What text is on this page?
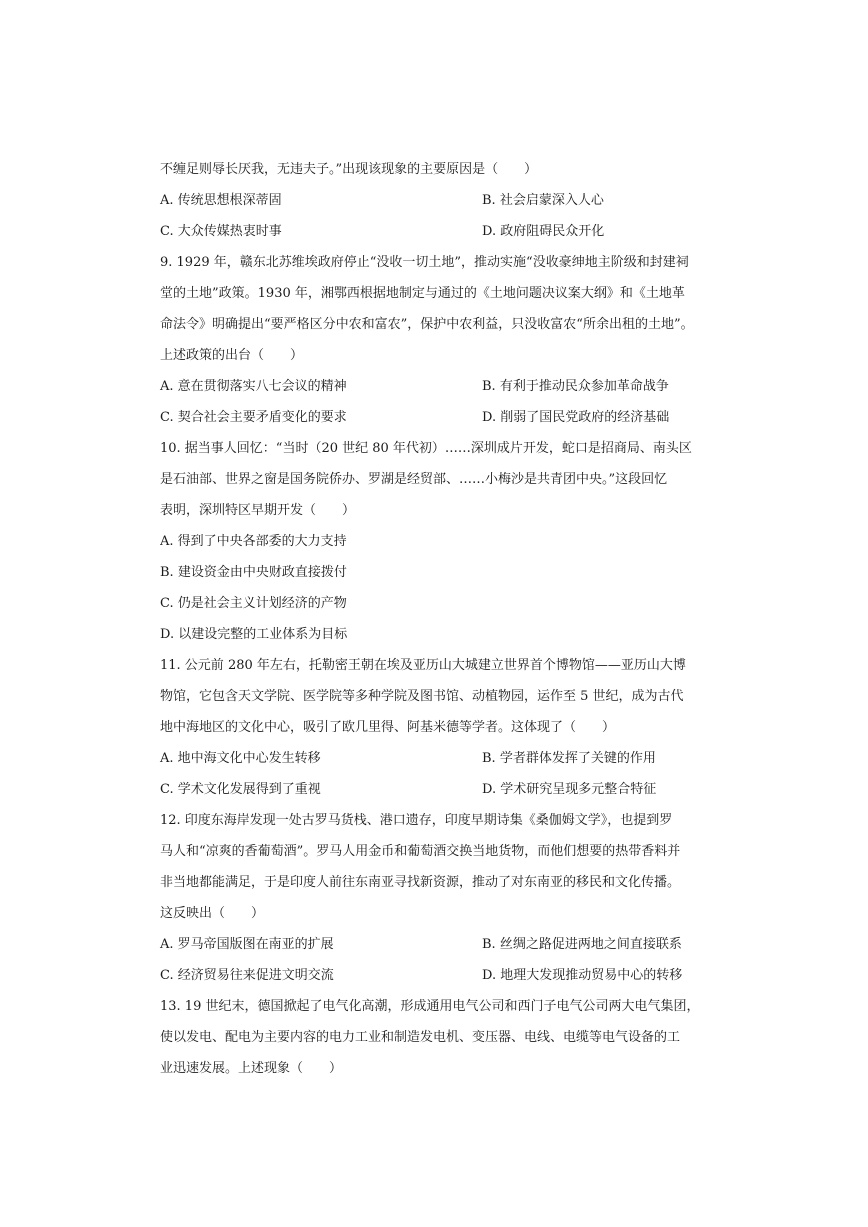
不缠足则辱长厌我，无违夫子。”出现该现象的主要原因是（　　）
A. 传统思想根深蒂固	B. 社会启蒙深入人心
C. 大众传媒热衷时事	D. 政府阻碍民众开化
9. 1929 年，赣东北苏维埃政府停止“没收一切土地”，推动实施“没收豪绅地主阶级和封建祠
堂的土地”政策。1930 年，湘鄂西根据地制定与通过的《土地问题决议案大纲》和《土地革
命法令》明确提出“要严格区分中农和富农”，保护中农利益，只没收富农“所余出租的土地”。
上述政策的出台（　　）
A. 意在贯彻落实八七会议的精神	B. 有利于推动民众参加革命战争
C. 契合社会主要矛盾变化的要求	D. 削弱了国民党政府的经济基础
10. 据当事人回忆：“当时（20 世纪 80 年代初）……深圳成片开发，蛇口是招商局、南头区
是石油部、世界之窗是国务院侨办、罗湖是经贸部、……小梅沙是共青团中央。”这段回忆
表明，深圳特区早期开发（　　）
A. 得到了中央各部委的大力支持
B. 建设资金由中央财政直接拨付
C. 仍是社会主义计划经济的产物
D. 以建设完整的工业体系为目标
11. 公元前 280 年左右，托勒密王朝在埃及亚历山大城建立世界首个博物馆——亚历山大博
物馆，它包含天文学院、医学院等多种学院及图书馆、动植物园，运作至 5 世纪，成为古代
地中海地区的文化中心，吸引了欧几里得、阿基米德等学者。这体现了（　　）
A. 地中海文化中心发生转移	B. 学者群体发挥了关键的作用
C. 学术文化发展得到了重视	D. 学术研究呈现多元整合特征
12. 印度东海岸发现一处古罗马货栈、港口遗存，印度早期诗集《桑伽姆文学》，也提到罗
马人和“凉爽的香葡萄酒”。罗马人用金币和葡萄酒交换当地货物，而他们想要的热带香料并
非当地都能满足，于是印度人前往东南亚寻找新资源，推动了对东南亚的移民和文化传播。
这反映出（　　）
A. 罗马帝国版图在南亚的扩展	B. 丝绸之路促进两地之间直接联系
C. 经济贸易往来促进文明交流	D. 地理大发现推动贸易中心的转移
13. 19 世纪末，德国掀起了电气化高潮，形成通用电气公司和西门子电气公司两大电气集团，
使以发电、配电为主要内容的电力工业和制造发电机、变压器、电线、电缆等电气设备的工
业迅速发展。上述现象（　　）
